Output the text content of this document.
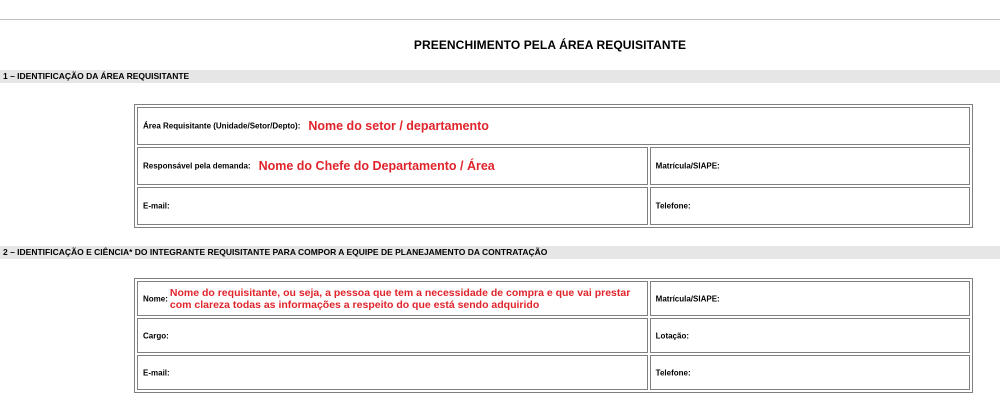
PREENCHIMENTO PELA ÁREA REQUISITANTE
1 – IDENTIFICAÇÃO DA ÁREA REQUISITANTE
Área Requisitante (Unidade/Setor/Depto): Nome do setor / departamento	
Responsável pela demanda: Nome do Chefe do Departamento / Área	Matrícula/SIAPE:
E-mail:	Telefone:
2 – IDENTIFICAÇÃO E CIÊNCIA* DO INTEGRANTE REQUISITANTE PARA COMPOR A EQUIPE DE PLANEJAMENTO DA CONTRATAÇÃO
Nome: Nome do requisitante, ou seja, a pessoa que tem a necessidade de compra e que vai prestar com clareza todas as informações a respeito do que está sendo adquirido	Matrícula/SIAPE:
Cargo:	Lotação:
E-mail:	Telefone:
